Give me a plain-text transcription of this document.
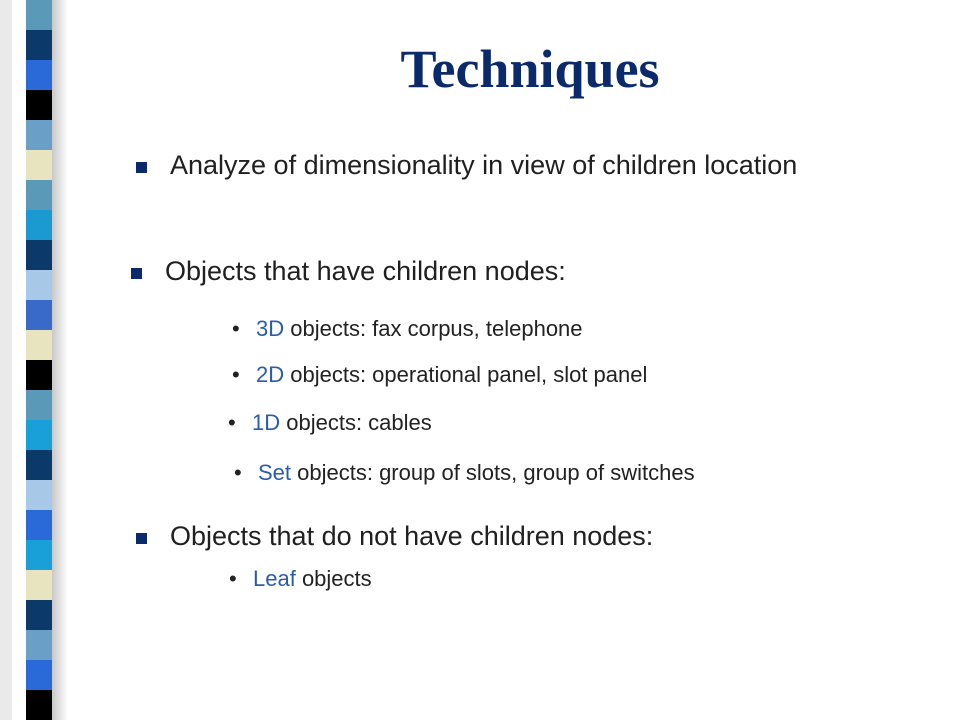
Techniques
Analyze of dimensionality in view of children location
Objects that have children nodes:
• 3D objects: fax corpus, telephone
• 2D objects: operational panel, slot panel
• 1D objects: cables
• Set objects: group of slots, group of switches
Objects that do not have children nodes:
• Leaf objects
